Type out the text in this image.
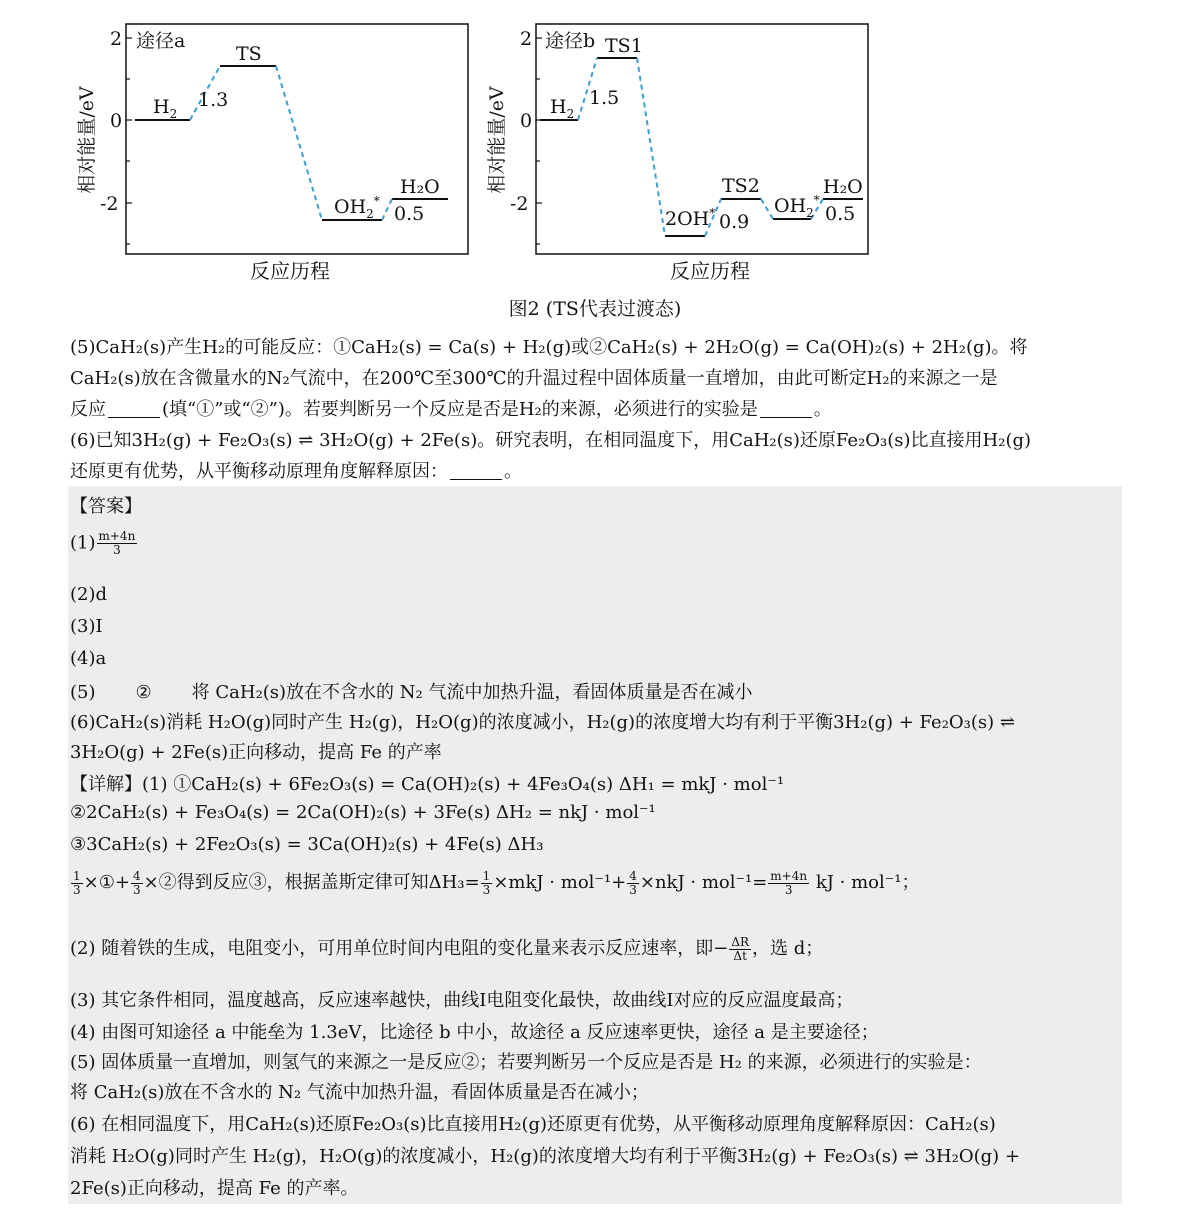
2
0
-2
途径a
相对能量/eV
反应历程
$H_2$
TS
1.3
$OH_2^*$
H₂O
0.5
2
0
-2
途径b
相对能量/eV
反应历程
$H_2$
TS1
1.5
2OH*
TS2
0.9
$OH_2^*$
H₂O
0.5
图2 (TS代表过渡态)

(5)CaH₂(s)产生H₂的可能反应：①CaH₂(s) = Ca(s) + H₂(g)或②CaH₂(s) + 2H₂O(g) = Ca(OH)₂(s) + 2H₂(g)。将

CaH₂(s)放在含微量水的N₂气流中，在200℃至300℃的升温过程中固体质量一直增加，由此可断定H₂的来源之一是

反应	(填“①”或“②”)。若要判断另一个反应是否是H₂的来源，必须进行的实验是	。

(6)已知3H₂(g) + Fe₂O₃(s) ⇌ 3H₂O(g) + 2Fe(s)。研究表明，在相同温度下，用CaH₂(s)还原Fe₂O₃(s)比直接用H₂(g)

还原更有优势，从平衡移动原理角度解释原因：	。

【答案】
$(1) \frac{m+4n}{3}$
(2)d
(3)I
(4)a
(5) ② 将 CaH₂(s)放在不含水的 N₂ 气流中加热升温，看固体质量是否在减小
(6)CaH₂(s)消耗 H₂O(g)同时产生 H₂(g)，H₂O(g)的浓度减小，H₂(g)的浓度增大均有利于平衡3H₂(g) + Fe₂O₃(s) ⇌
3H₂O(g) + 2Fe(s)正向移动，提高 Fe 的产率
【详解】(1) ①CaH₂(s) + 6Fe₂O₃(s) = Ca(OH)₂(s) + 4Fe₃O₄(s) ΔH₁ = mkJ · mol⁻¹
②2CaH₂(s) + Fe₃O₄(s) = 2Ca(OH)₂(s) + 3Fe(s) ΔH₂ = nkJ · mol⁻¹
③3CaH₂(s) + 2Fe₂O₃(s) = 3Ca(OH)₂(s) + 4Fe(s) ΔH₃
$\frac{1}{3}$ ×①+ $\frac{4}{3}$ ×②得到反应③，根据盖斯定律可知$\Delta H_3= \frac{1}{3} \times mkJ \cdot mol^{-1}+ \frac{4}{3} \times nkJ \cdot mol^{-1}= \frac{m+4n}{3}$ kJ · mol⁻¹；
(2) 随着铁的生成，电阻变小，可用单位时间内电阻的变化量来表示反应速率，即− $\frac{\Delta R}{\Delta t}$ ，选 d；
(3) 其它条件相同，温度越高，反应速率越快，曲线I电阻变化最快，故曲线I对应的反应温度最高；
(4) 由图可知途径 a 中能垒为 1.3eV，比途径 b 中小，故途径 a 反应速率更快，途径 a 是主要途径；
(5) 固体质量一直增加，则氢气的来源之一是反应②；若要判断另一个反应是否是 H₂ 的来源，必须进行的实验是：
将 CaH₂(s)放在不含水的 N₂ 气流中加热升温，看固体质量是否在减小；
(6) 在相同温度下，用CaH₂(s)还原Fe₂O₃(s)比直接用H₂(g)还原更有优势，从平衡移动原理角度解释原因：CaH₂(s)
消耗 H₂O(g)同时产生 H₂(g)，H₂O(g)的浓度减小，H₂(g)的浓度增大均有利于平衡3H₂(g) + Fe₂O₃(s) ⇌ 3H₂O(g) +
2Fe(s)正向移动，提高 Fe 的产率。
